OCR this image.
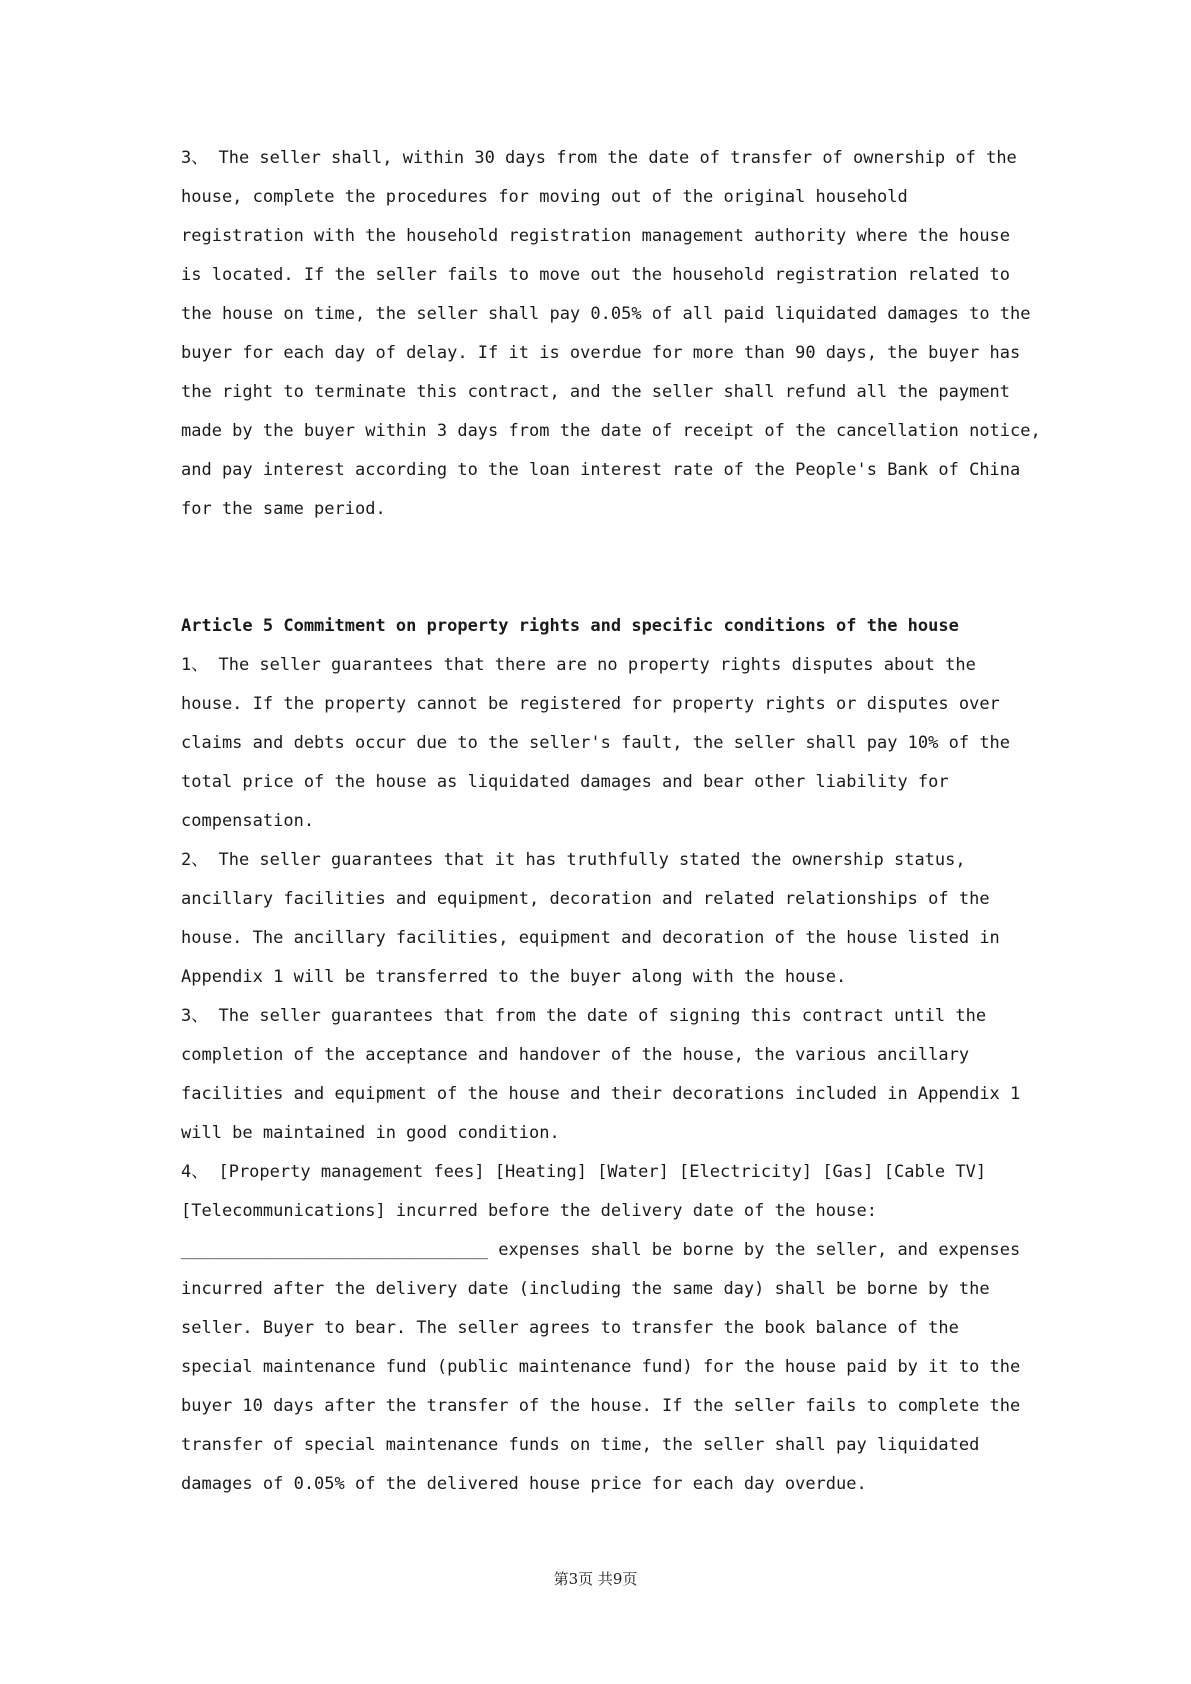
3、 The seller shall, within 30 days from the date of transfer of ownership of the
house, complete the procedures for moving out of the original household
registration with the household registration management authority where the house
is located. If the seller fails to move out the household registration related to
the house on time, the seller shall pay 0.05% of all paid liquidated damages to the
buyer for each day of delay. If it is overdue for more than 90 days, the buyer has
the right to terminate this contract, and the seller shall refund all the payment
made by the buyer within 3 days from the date of receipt of the cancellation notice,
and pay interest according to the loan interest rate of the People's Bank of China
for the same period.

Article 5 Commitment on property rights and specific conditions of the house

1、 The seller guarantees that there are no property rights disputes about the
house. If the property cannot be registered for property rights or disputes over
claims and debts occur due to the seller's fault, the seller shall pay 10% of the
total price of the house as liquidated damages and bear other liability for
compensation.

2、 The seller guarantees that it has truthfully stated the ownership status,
ancillary facilities and equipment, decoration and related relationships of the
house. The ancillary facilities, equipment and decoration of the house listed in
Appendix 1 will be transferred to the buyer along with the house.

3、 The seller guarantees that from the date of signing this contract until the
completion of the acceptance and handover of the house, the various ancillary
facilities and equipment of the house and their decorations included in Appendix 1
will be maintained in good condition.

4、 [Property management fees] [Heating] [Water] [Electricity] [Gas] [Cable TV]
[Telecommunications] incurred before the delivery date of the house:
______________________________ expenses shall be borne by the seller, and expenses
incurred after the delivery date (including the same day) shall be borne by the
seller. Buyer to bear. The seller agrees to transfer the book balance of the
special maintenance fund (public maintenance fund) for the house paid by it to the
buyer 10 days after the transfer of the house. If the seller fails to complete the
transfer of special maintenance funds on time, the seller shall pay liquidated
damages of 0.05% of the delivered house price for each day overdue.

第3页 共9页
